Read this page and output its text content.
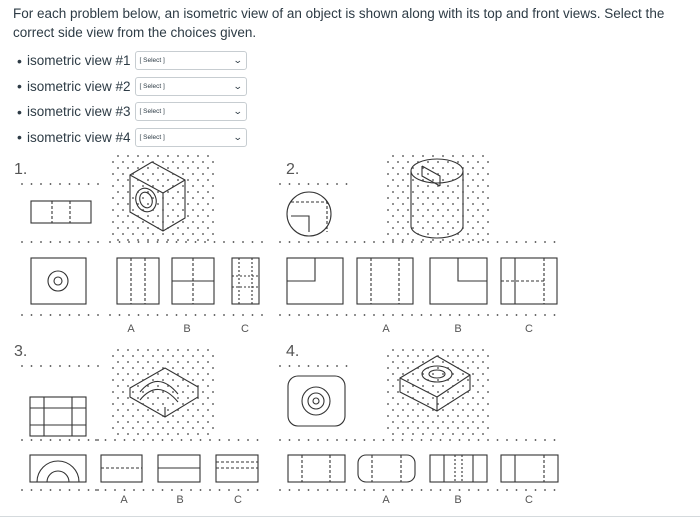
For each problem below, an isometric view of an object is shown along with its top and front views. Select the correct side view from the choices given.
• isometric view #1 [ Select ]	⌄
• isometric view #2 [ Select ]	⌄
• isometric view #3 [ Select ]	⌄
• isometric view #4 [ Select ]	⌄
1.	2.
3.	4.
A	B	C	A	B	C
A	B	C	A	B	C
